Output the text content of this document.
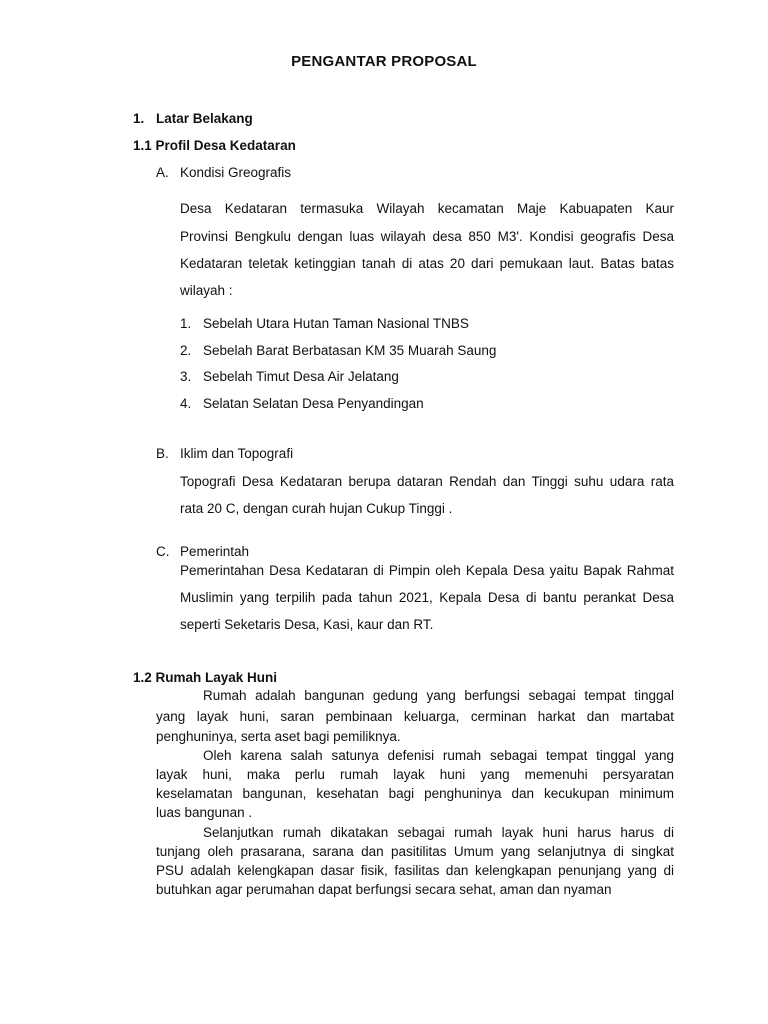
PENGANTAR PROPOSAL
1. Latar Belakang
1.1 Profil Desa Kedataran
A. Kondisi Greografis
Desa Kedataran termasuka Wilayah kecamatan Maje Kabuapaten Kaur
Provinsi Bengkulu dengan luas wilayah desa 850 M3'. Kondisi geografis Desa
Kedataran teletak ketinggian tanah di atas 20 dari pemukaan laut. Batas batas
wilayah :
1. Sebelah Utara Hutan Taman Nasional TNBS
2. Sebelah Barat Berbatasan KM 35 Muarah Saung
3. Sebelah Timut Desa Air Jelatang
4. Selatan Selatan Desa Penyandingan
B. Iklim dan Topografi
Topografi Desa Kedataran berupa dataran Rendah dan Tinggi suhu udara rata
rata 20 C, dengan curah hujan Cukup Tinggi .
C. Pemerintah
Pemerintahan Desa Kedataran di Pimpin oleh Kepala Desa yaitu Bapak Rahmat
Muslimin yang terpilih pada tahun 2021, Kepala Desa di bantu perankat Desa
seperti Seketaris Desa, Kasi, kaur dan RT.
1.2 Rumah Layak Huni
Rumah adalah bangunan gedung yang berfungsi sebagai tempat tinggal
yang layak huni, saran pembinaan keluarga, cerminan harkat dan martabat
penghuninya, serta aset bagi pemiliknya.
Oleh karena salah satunya defenisi rumah sebagai tempat tinggal yang
layak huni, maka perlu rumah layak huni yang memenuhi persyaratan
keselamatan bangunan, kesehatan bagi penghuninya dan kecukupan minimum
luas bangunan .
Selanjutkan rumah dikatakan sebagai rumah layak huni harus harus di
tunjang oleh prasarana, sarana dan pasitilitas Umum yang selanjutnya di singkat
PSU adalah kelengkapan dasar fisik, fasilitas dan kelengkapan penunjang yang di
butuhkan agar perumahan dapat berfungsi secara sehat, aman dan nyaman
